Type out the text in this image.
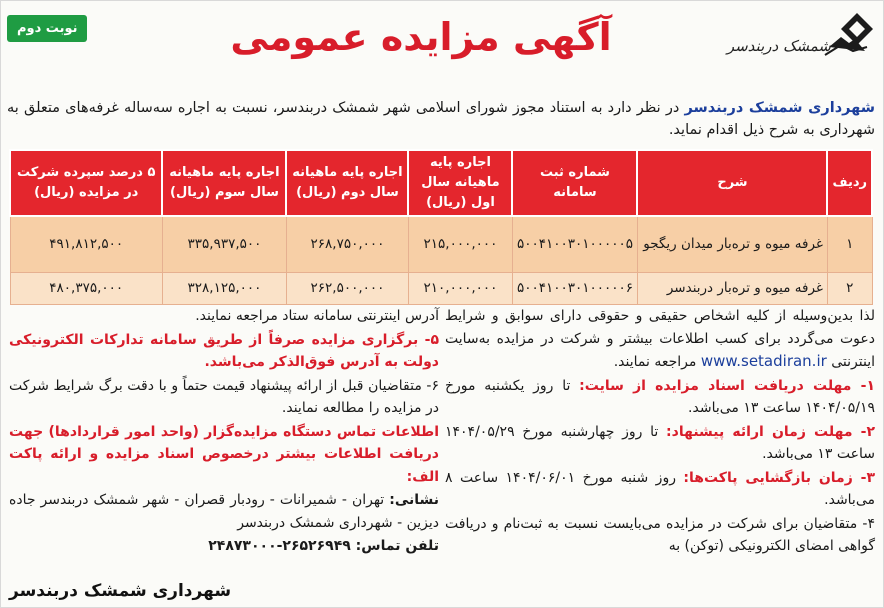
نوبت دوم	آگهی مزایده عمومی	شمشک دربندسر
شهرداری شمشک دربندسر در نظر دارد به استناد مجوز شورای اسلامی شهر شمشک دربندسر، نسبت به اجاره سه‌ساله غرفه‌های متعلق به شهرداری به شرح ذیل اقدام نماید.
ردیف	شرح	شماره ثبت سامانه	اجاره پایه ماهیانه سال اول (ریال)	اجاره پایه ماهیانه سال دوم (ریال)	اجاره پایه ماهیانه سال سوم (ریال)	۵ درصد سپرده شرکت در مزایده (ریال)
۱	غرفه میوه و تره‌بار میدان ریگجو	۵۰۰۴۱۰۰۳۰۱۰۰۰۰۰۵	۲۱۵,۰۰۰,۰۰۰	۲۶۸,۷۵۰,۰۰۰	۳۳۵,۹۳۷,۵۰۰	۴۹۱,۸۱۲,۵۰۰
۲	غرفه میوه و تره‌بار دربندسر	۵۰۰۴۱۰۰۳۰۱۰۰۰۰۰۶	۲۱۰,۰۰۰,۰۰۰	۲۶۲,۵۰۰,۰۰۰	۳۲۸,۱۲۵,۰۰۰	۴۸۰,۳۷۵,۰۰۰

لذا بدین‌وسیله از کلیه اشخاص حقیقی و حقوقی دارای سوابق و شرایط دعوت می‌گردد برای کسب اطلاعات بیشتر و شرکت در مزایده به‌سایت اینترنتی www.setadiran.ir مراجعه نمایند.

۱- مهلت دریافت اسناد مزایده از سایت: تا روز یکشنبه مورخ ۱۴۰۴/۰۵/۱۹ ساعت ۱۳ می‌باشد.

۲- مهلت زمان ارائه پیشنهاد: تا روز چهارشنبه مورخ ۱۴۰۴/۰۵/۲۹ ساعت ۱۳ می‌باشد.

۳- زمان بازگشایی پاکت‌ها: روز شنبه مورخ ۱۴۰۴/۰۶/۰۱ ساعت ۸ می‌باشد.

۴- متقاضیان برای شرکت در مزایده می‌بایست نسبت به ثبت‌نام و دریافت گواهی امضای الکترونیکی (توکن) به

آدرس اینترنتی سامانه ستاد مراجعه نمایند.

۵- برگزاری مزایده صرفاً از طریق سامانه تدارکات الکترونیکی دولت به آدرس فوق‌الذکر می‌باشد.

۶- متقاضیان قبل از ارائه پیشنهاد قیمت حتماً و با دقت برگ شرایط شرکت در مزایده را مطالعه نمایند.

اطلاعات تماس دستگاه مزایده‌گزار (واحد امور قراردادها) جهت دریافت اطلاعات بیشتر درخصوص اسناد مزایده و ارائه پاکت الف:

نشانی: تهران - شمیرانات - رودبار قصران - شهر شمشک دربندسر جاده دیزین - شهرداری شمشک دربندسر

تلفن تماس: ۲۶۵۲۶۹۴۹-۲۴۸۷۳۰۰۰

شهرداری شمشک دربندسر
